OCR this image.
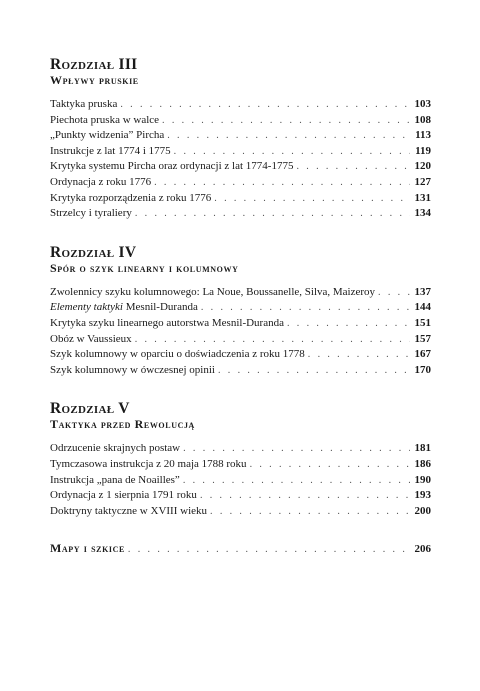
Rozdział III
Wpływy pruskie
Taktyka pruska . . .	103
Piechota pruska w walce . . .	108
„Punkty widzenia” Pircha . . .	113
Instrukcje z lat 1774 i 1775 . . .	119
Krytyka systemu Pircha oraz ordynacji z lat 1774-1775 . . .	120
Ordynacja z roku 1776 . . .	127
Krytyka rozporządzenia z roku 1776 . . .	131
Strzelcy i tyraliery . . .	134
Rozdział IV
Spór o szyk linearny i kolumnowy
Zwolennicy szyku kolumnowego: La Noue, Boussanelle, Silva, Maizeroy . . .	137
Elementy taktyki Mesnil-Duranda . . .	144
Krytyka szyku linearnego autorstwa Mesnil-Duranda . . .	151
Obóz w Vaussieux . . .	157
Szyk kolumnowy w oparciu o doświadczenia z roku 1778 . . .	167
Szyk kolumnowy w ówczesnej opinii . . .	170
Rozdział V
Taktyka przed Rewolucją
Odrzucenie skrajnych postaw . . .	181
Tymczasowa instrukcja z 20 maja 1788 roku . . .	186
Instrukcja „pana de Noailles” . . .	190
Ordynacja z 1 sierpnia 1791 roku . . .	193
Doktryny taktyczne w XVIII wieku . . .	200
Mapy i szkice . . .	206
